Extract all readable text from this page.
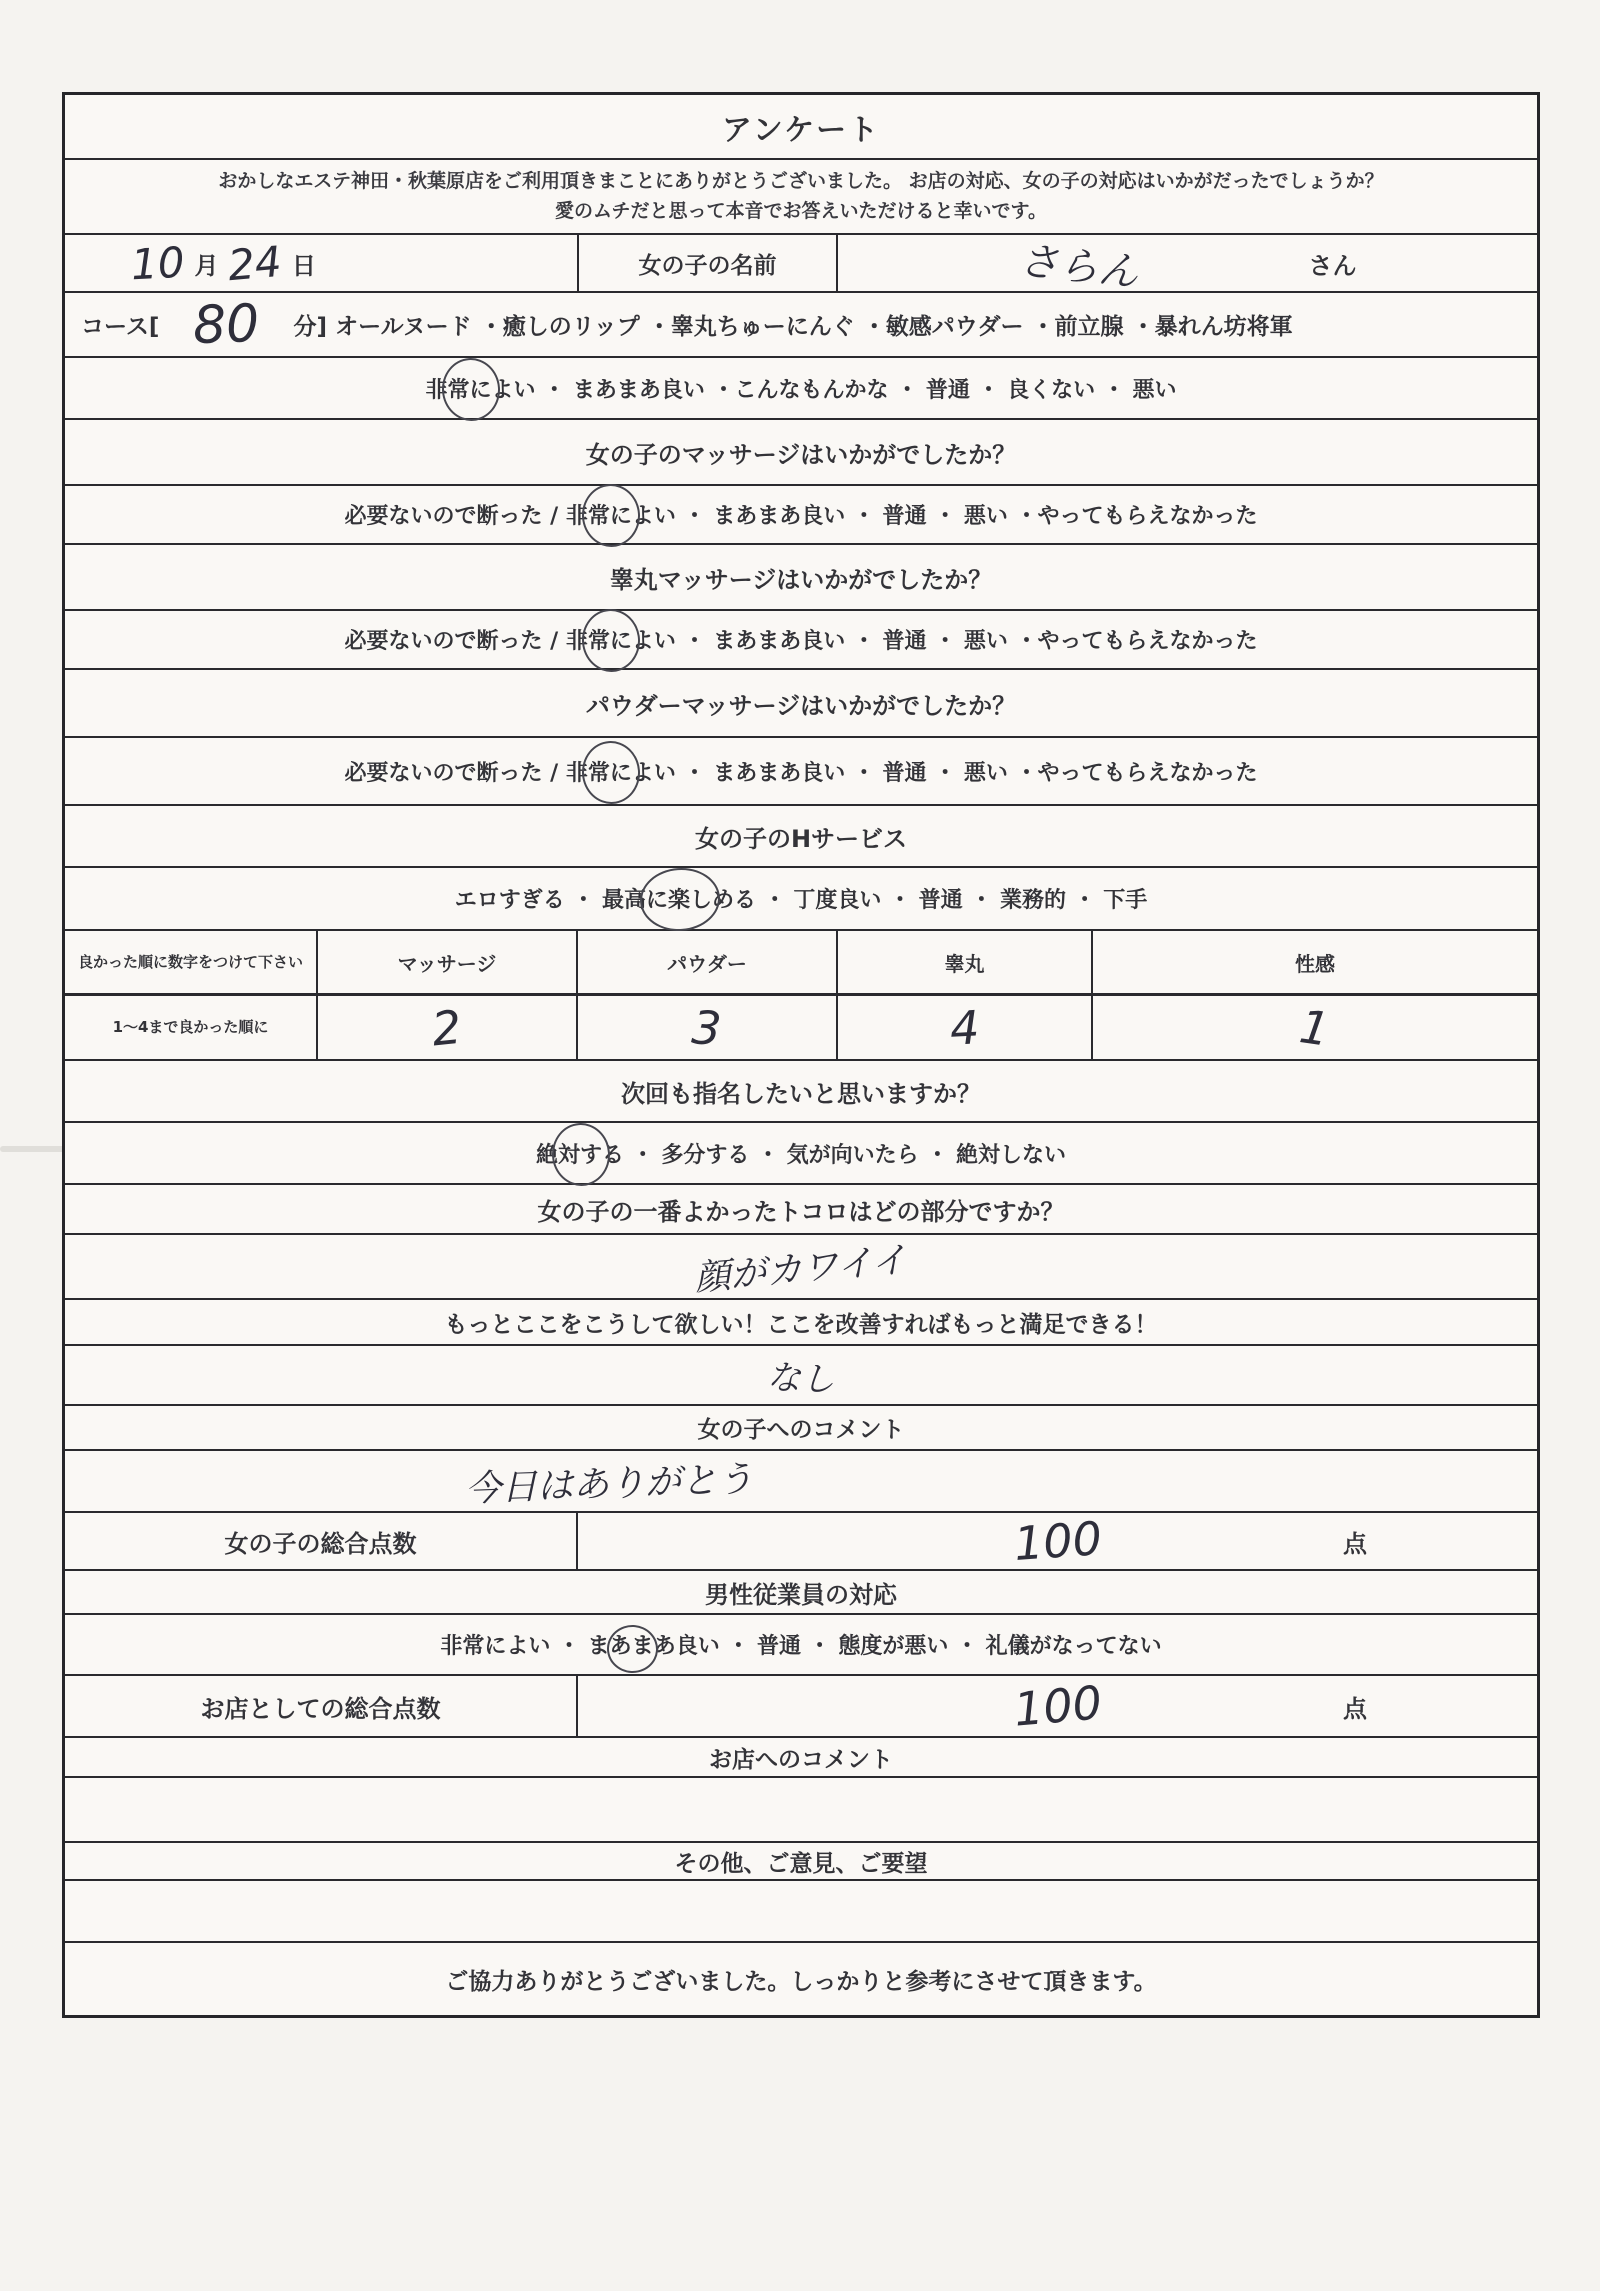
アンケート
おかしなエステ神田・秋葉原店をご利用頂きまことにありがとうございました。 お店の対応、女の子の対応はいかがだったでしょうか？
愛のムチだと思って本音でお答えいただけると幸いです。
10 月 24 日	女の子の名前	さらん	さん
コース[ 80 分] オールヌード ・癒しのリップ ・睾丸ちゅーにんぐ ・敏感パウダー ・前立腺 ・暴れん坊将軍
非 常に よい ・ まあまあ良い ・こんなもんかな ・ 普通 ・ 良くない ・ 悪い
女の子のマッサージはいかがでしたか？
必要ないので断った / 非 常に よい ・ まあまあ良い ・ 普通 ・ 悪い ・やってもらえなかった
睾丸マッサージはいかがでしたか？
必要ないので断った / 非 常に よい ・ まあまあ良い ・ 普通 ・ 悪い ・やってもらえなかった
パウダーマッサージはいかがでしたか？
必要ないので断った / 非 常に よい ・ まあまあ良い ・ 普通 ・ 悪い ・やってもらえなかった
女の子のHサービス
エロすぎる ・ 最高 に楽し める ・ 丁度良い ・ 普通 ・ 業務的 ・ 下手
良かった順に数字をつけて下さい	マッサージ	パウダー	睾丸	性感
1～4まで良かった順に	2	3	4	1
次回も指名したいと思いますか？
絶 対す る ・ 多分する ・ 気が向いたら ・ 絶対しない
女の子の一番よかったトコロはどの部分ですか？
顔がカワイイ
もっとここをこうして欲しい！ここを改善すればもっと満足できる！
なし
女の子へのコメント
今日はありがとう
女の子の総合点数	100	点
男性従業員の対応
非常によい ・ ま あま あ良い ・ 普通 ・ 態度が悪い ・ 礼儀がなってない
お店としての総合点数	100	点
お店へのコメント
その他、ご意見、ご要望
ご協力ありがとうございました。しっかりと参考にさせて頂きます。
